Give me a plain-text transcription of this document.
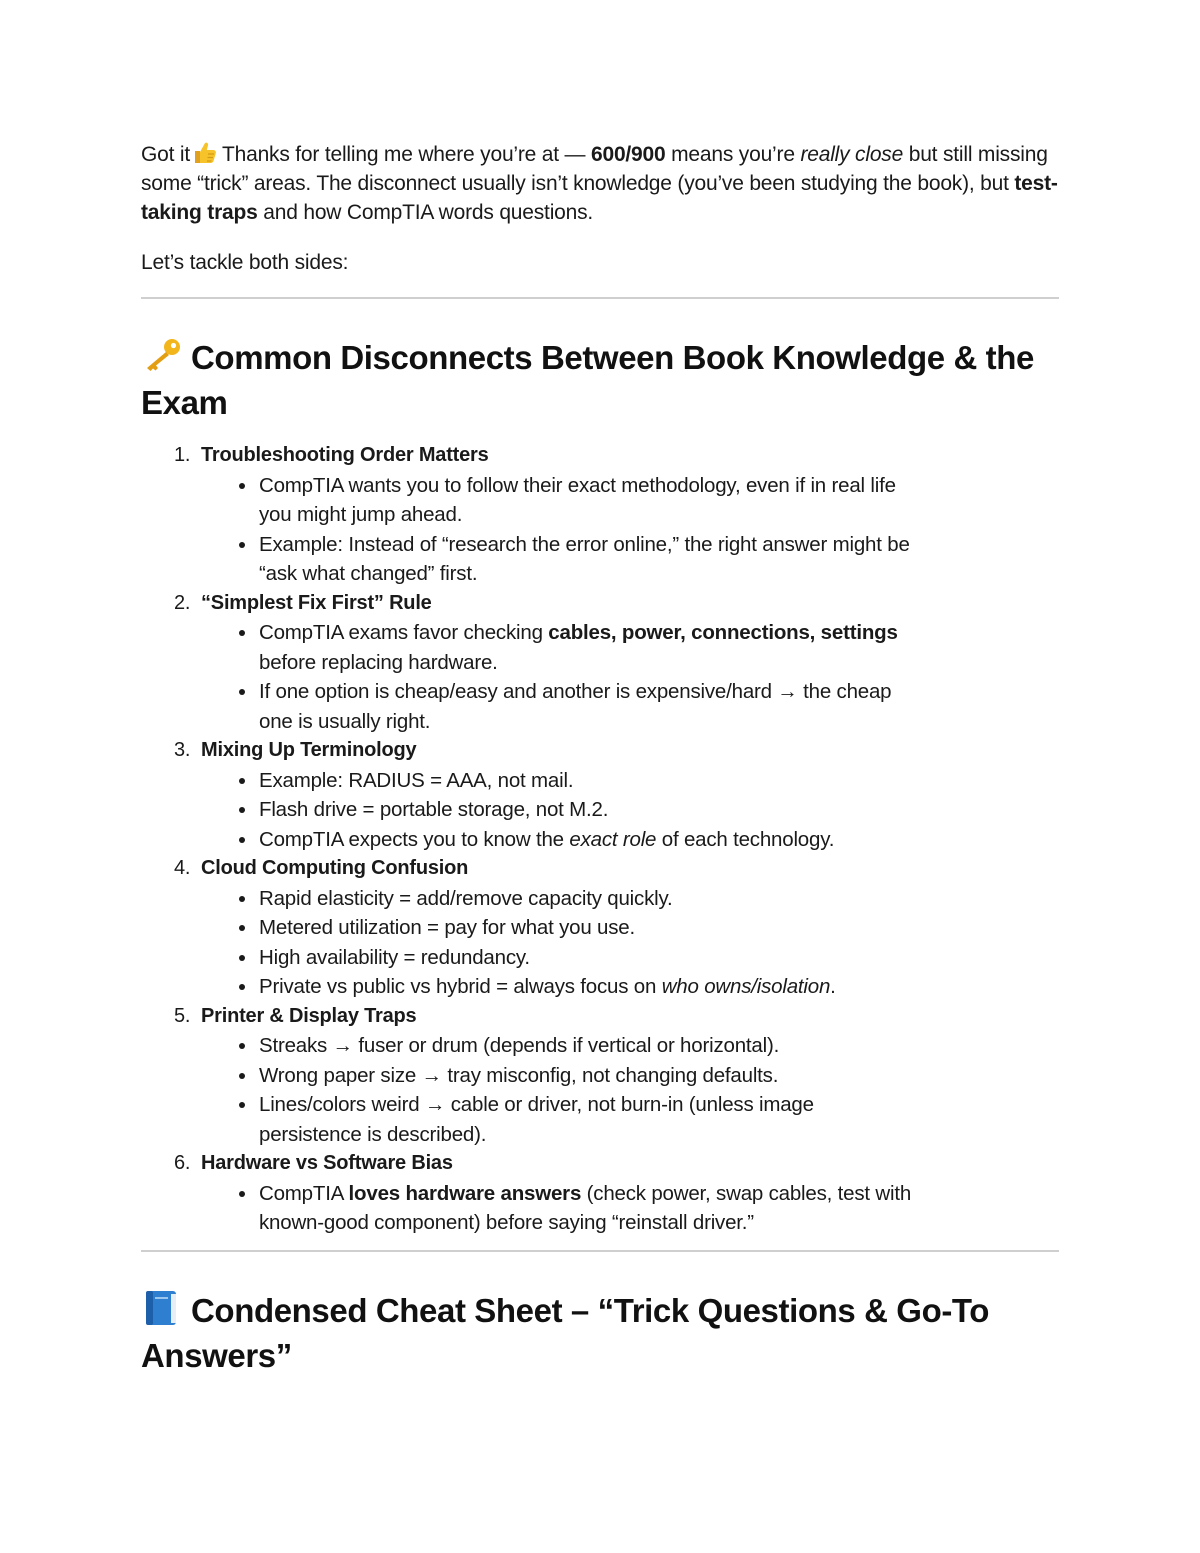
Got it Thanks for telling me where you’re at — 600/900 means you’re really close but still missing some “trick” areas. The disconnect usually isn’t knowledge (you’ve been studying the book), but test-taking traps and how CompTIA words questions.

Let’s tackle both sides:

Common Disconnects Between Book Knowledge & the Exam
1. Troubleshooting Order Matters
CompTIA wants you to follow their exact methodology, even if in real life you might jump ahead.
Example: Instead of “research the error online,” the right answer might be “ask what changed” first.
2. “Simplest Fix First” Rule
CompTIA exams favor checking cables, power, connections, settings before replacing hardware.
If one option is cheap/easy and another is expensive/hard → the cheap one is usually right.
3. Mixing Up Terminology
Example: RADIUS = AAA, not mail.
Flash drive = portable storage, not M.2.
CompTIA expects you to know the exact role of each technology.
4. Cloud Computing Confusion
Rapid elasticity = add/remove capacity quickly.
Metered utilization = pay for what you use.
High availability = redundancy.
Private vs public vs hybrid = always focus on who owns/isolation.
5. Printer & Display Traps
Streaks → fuser or drum (depends if vertical or horizontal).
Wrong paper size → tray misconfig, not changing defaults.
Lines/colors weird → cable or driver, not burn-in (unless image persistence is described).
6. Hardware vs Software Bias
CompTIA loves hardware answers (check power, swap cables, test with known-good component) before saying “reinstall driver.”
Condensed Cheat Sheet – “Trick Questions & Go-To Answers”
